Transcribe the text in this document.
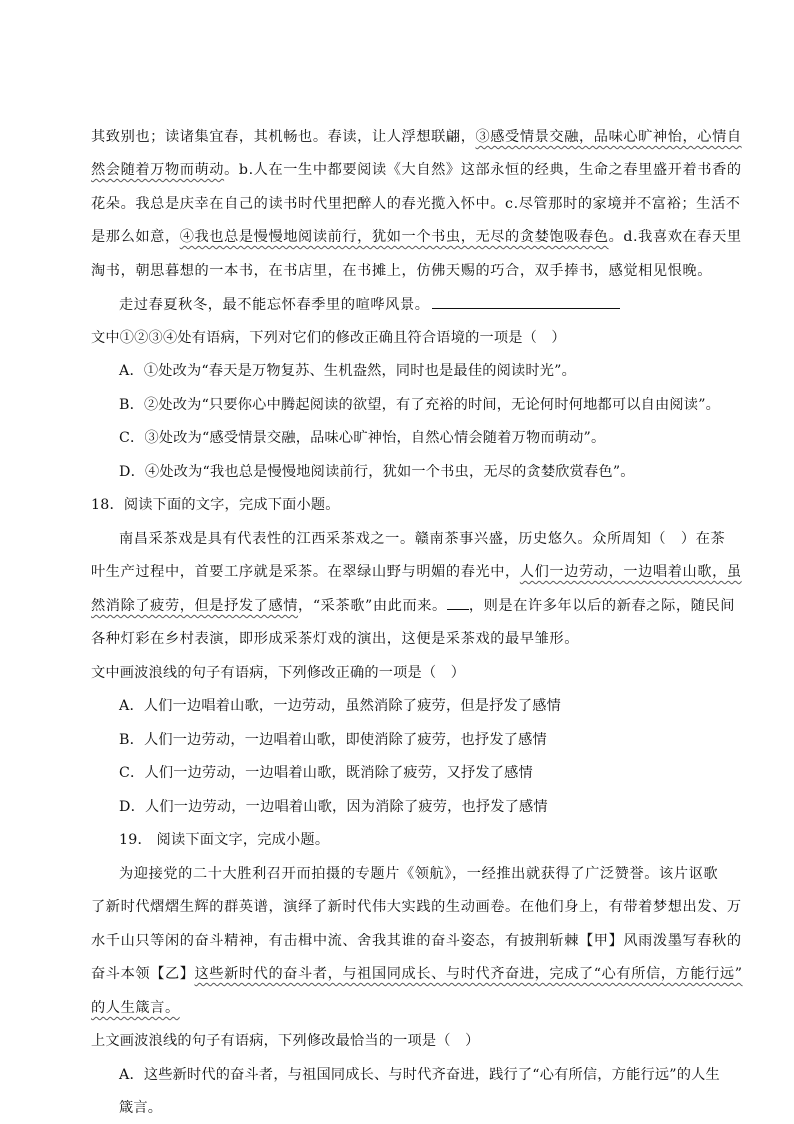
其致别也；读诸集宜春，其机畅也。春读，让人浮想联翩，③感受情景交融，品味心旷神怡，心情自
然会随着万物而萌动。b.人在一生中都要阅读《大自然》这部永恒的经典，生命之春里盛开着书香的
花朵。我总是庆幸在自己的读书时代里把醉人的春光揽入怀中。c.尽管那时的家境并不富裕；生活不
是那么如意，④我也总是慢慢地阅读前行，犹如一个书虫，无尽的贪婪饱吸春色。d.我喜欢在春天里
淘书，朝思暮想的一本书，在书店里，在书摊上，仿佛天赐的巧合，双手捧书，感觉相见恨晚。
走过春夏秋冬，最不能忘怀春季里的喧哗风景。
文中①②③④处有语病，下列对它们的修改正确且符合语境的一项是（　）
A．①处改为“春天是万物复苏、生机盎然，同时也是最佳的阅读时光”。
B．②处改为“只要你心中腾起阅读的欲望，有了充裕的时间，无论何时何地都可以自由阅读”。
C．③处改为“感受情景交融，品味心旷神怡，自然心情会随着万物而萌动”。
D．④处改为“我也总是慢慢地阅读前行，犹如一个书虫，无尽的贪婪欣赏春色”。
18．阅读下面的文字，完成下面小题。
南昌采茶戏是具有代表性的江西采茶戏之一。赣南茶事兴盛，历史悠久。众所周知（　）在茶
叶生产过程中，首要工序就是采茶。在翠绿山野与明媚的春光中，人们一边劳动，一边唱着山歌，虽
然消除了疲劳，但是抒发了感情，“采茶歌”由此而来。 ，则是在许多年以后的新春之际，随民间
各种灯彩在乡村表演，即形成采茶灯戏的演出，这便是采茶戏的最早雏形。
文中画波浪线的句子有语病，下列修改正确的一项是（　）
A．人们一边唱着山歌，一边劳动，虽然消除了疲劳，但是抒发了感情
B．人们一边劳动，一边唱着山歌，即使消除了疲劳，也抒发了感情
C．人们一边劳动，一边唱着山歌，既消除了疲劳，又抒发了感情
D．人们一边劳动，一边唱着山歌，因为消除了疲劳，也抒发了感情
19． 阅读下面文字，完成小题。
为迎接党的二十大胜利召开而拍摄的专题片《领航》，一经推出就获得了广泛赞誉。该片讴歌
了新时代熠熠生辉的群英谱，演绎了新时代伟大实践的生动画卷。在他们身上，有带着梦想出发、万
水千山只等闲的奋斗精神，有击楫中流、舍我其谁的奋斗姿态，有披荆斩棘【甲】风雨泼墨写春秋的
奋斗本领【乙】这些新时代的奋斗者，与祖国同成长、与时代齐奋进，完成了“心有所信，方能行远”
的人生箴言。
上文画波浪线的句子有语病，下列修改最恰当的一项是（　）
A．这些新时代的奋斗者，与祖国同成长、与时代齐奋进，践行了“心有所信，方能行远”的人生
箴言。
